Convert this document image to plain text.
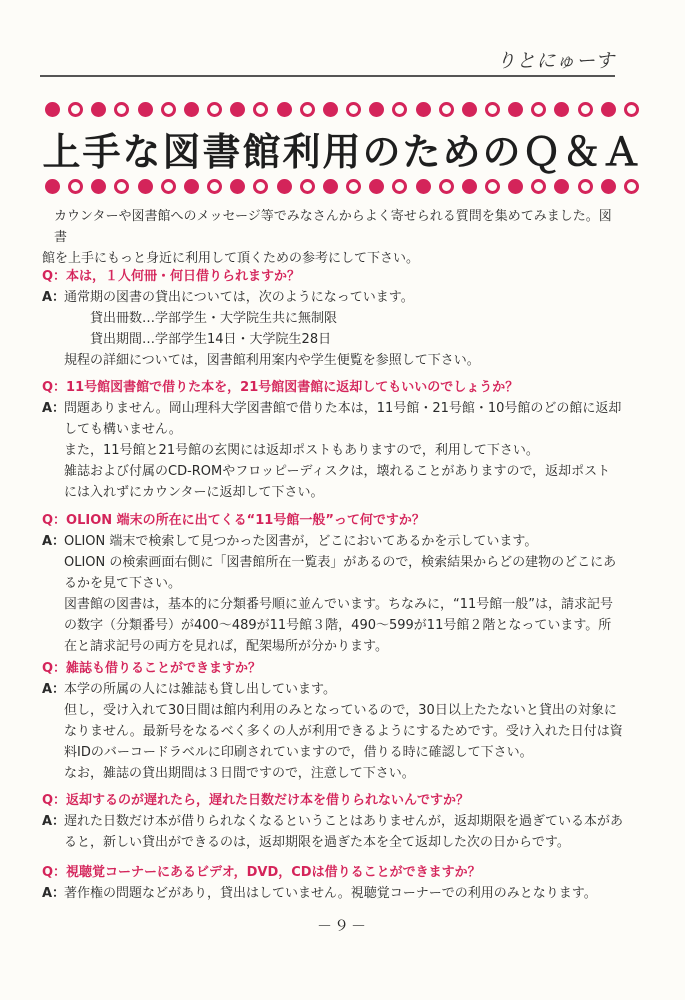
りとにゅーす
上手な図書館利用のためのＱ＆Ａ
カウンターや図書館へのメッセージ等でみなさんからよく寄せられる質問を集めてみました。図書
館を上手にもっと身近に利用して頂くための参考にして下さい。
Q：本は，１人何冊・何日借りられますか？
A：
通常期の図書の貸出については，次のようになっています。
　　貸出冊数…学部学生・大学院生共に無制限
　　貸出期間…学部学生14日・大学院生28日
規程の詳細については，図書館利用案内や学生便覧を参照して下さい。
Q：11号館図書館で借りた本を，21号館図書館に返却してもいいのでしょうか？
A：
問題ありません。岡山理科大学図書館で借りた本は，11号館・21号館・10号館のどの館に返却
しても構いません。
また，11号館と21号館の玄関には返却ポストもありますので，利用して下さい。
雑誌および付属のCD-ROMやフロッピーディスクは，壊れることがありますので，返却ポスト
には入れずにカウンターに返却して下さい。
Q：OLION 端末の所在に出てくる“11号館一般”って何ですか？
A：
OLION 端末で検索して見つかった図書が，どこにおいてあるかを示しています。
OLION の検索画面右側に「図書館所在一覧表」があるので，検索結果からどの建物のどこにあ
るかを見て下さい。
図書館の図書は，基本的に分類番号順に並んでいます。ちなみに，“11号館一般”は，請求記号
の数字（分類番号）が400～489が11号館３階，490～599が11号館２階となっています。所
在と請求記号の両方を見れば，配架場所が分かります。
Q：雑誌も借りることができますか？
A：
本学の所属の人には雑誌も貸し出しています。
但し，受け入れて30日間は館内利用のみとなっているので，30日以上たたないと貸出の対象に
なりません。最新号をなるべく多くの人が利用できるようにするためです。受け入れた日付は資
料IDのバーコードラベルに印刷されていますので，借りる時に確認して下さい。
なお，雑誌の貸出期間は３日間ですので，注意して下さい。
Q：返却するのが遅れたら，遅れた日数だけ本を借りられないんですか？
A：
遅れた日数だけ本が借りられなくなるということはありませんが，返却期限を過ぎている本があ
ると，新しい貸出ができるのは，返却期限を過ぎた本を全て返却した次の日からです。
Q：視聴覚コーナーにあるビデオ，DVD，CDは借りることができますか？
A：
著作権の問題などがあり，貸出はしていません。視聴覚コーナーでの利用のみとなります。
－９－
